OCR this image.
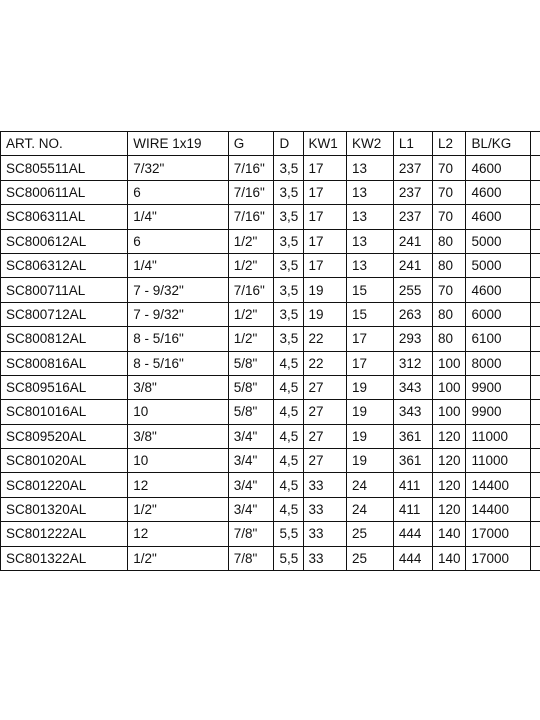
ART. NO.	WIRE 1x19	G	D	KW1	KW2	L1	L2	BL/KG	
SC805511AL	7/32"	7/16"	3,5	17	13	237	70	4600	
SC800611AL	6	7/16"	3,5	17	13	237	70	4600	
SC806311AL	1/4"	7/16"	3,5	17	13	237	70	4600	
SC800612AL	6	1/2"	3,5	17	13	241	80	5000	
SC806312AL	1/4"	1/2"	3,5	17	13	241	80	5000	
SC800711AL	7 - 9/32"	7/16"	3,5	19	15	255	70	4600	
SC800712AL	7 - 9/32"	1/2"	3,5	19	15	263	80	6000	
SC800812AL	8 - 5/16"	1/2"	3,5	22	17	293	80	6100	
SC800816AL	8 - 5/16"	5/8"	4,5	22	17	312	100	8000	
SC809516AL	3/8"	5/8"	4,5	27	19	343	100	9900	
SC801016AL	10	5/8"	4,5	27	19	343	100	9900	
SC809520AL	3/8"	3/4"	4,5	27	19	361	120	11000	
SC801020AL	10	3/4"	4,5	27	19	361	120	11000	
SC801220AL	12	3/4"	4,5	33	24	411	120	14400	
SC801320AL	1/2"	3/4"	4,5	33	24	411	120	14400	
SC801222AL	12	7/8"	5,5	33	25	444	140	17000	
SC801322AL	1/2"	7/8"	5,5	33	25	444	140	17000	
